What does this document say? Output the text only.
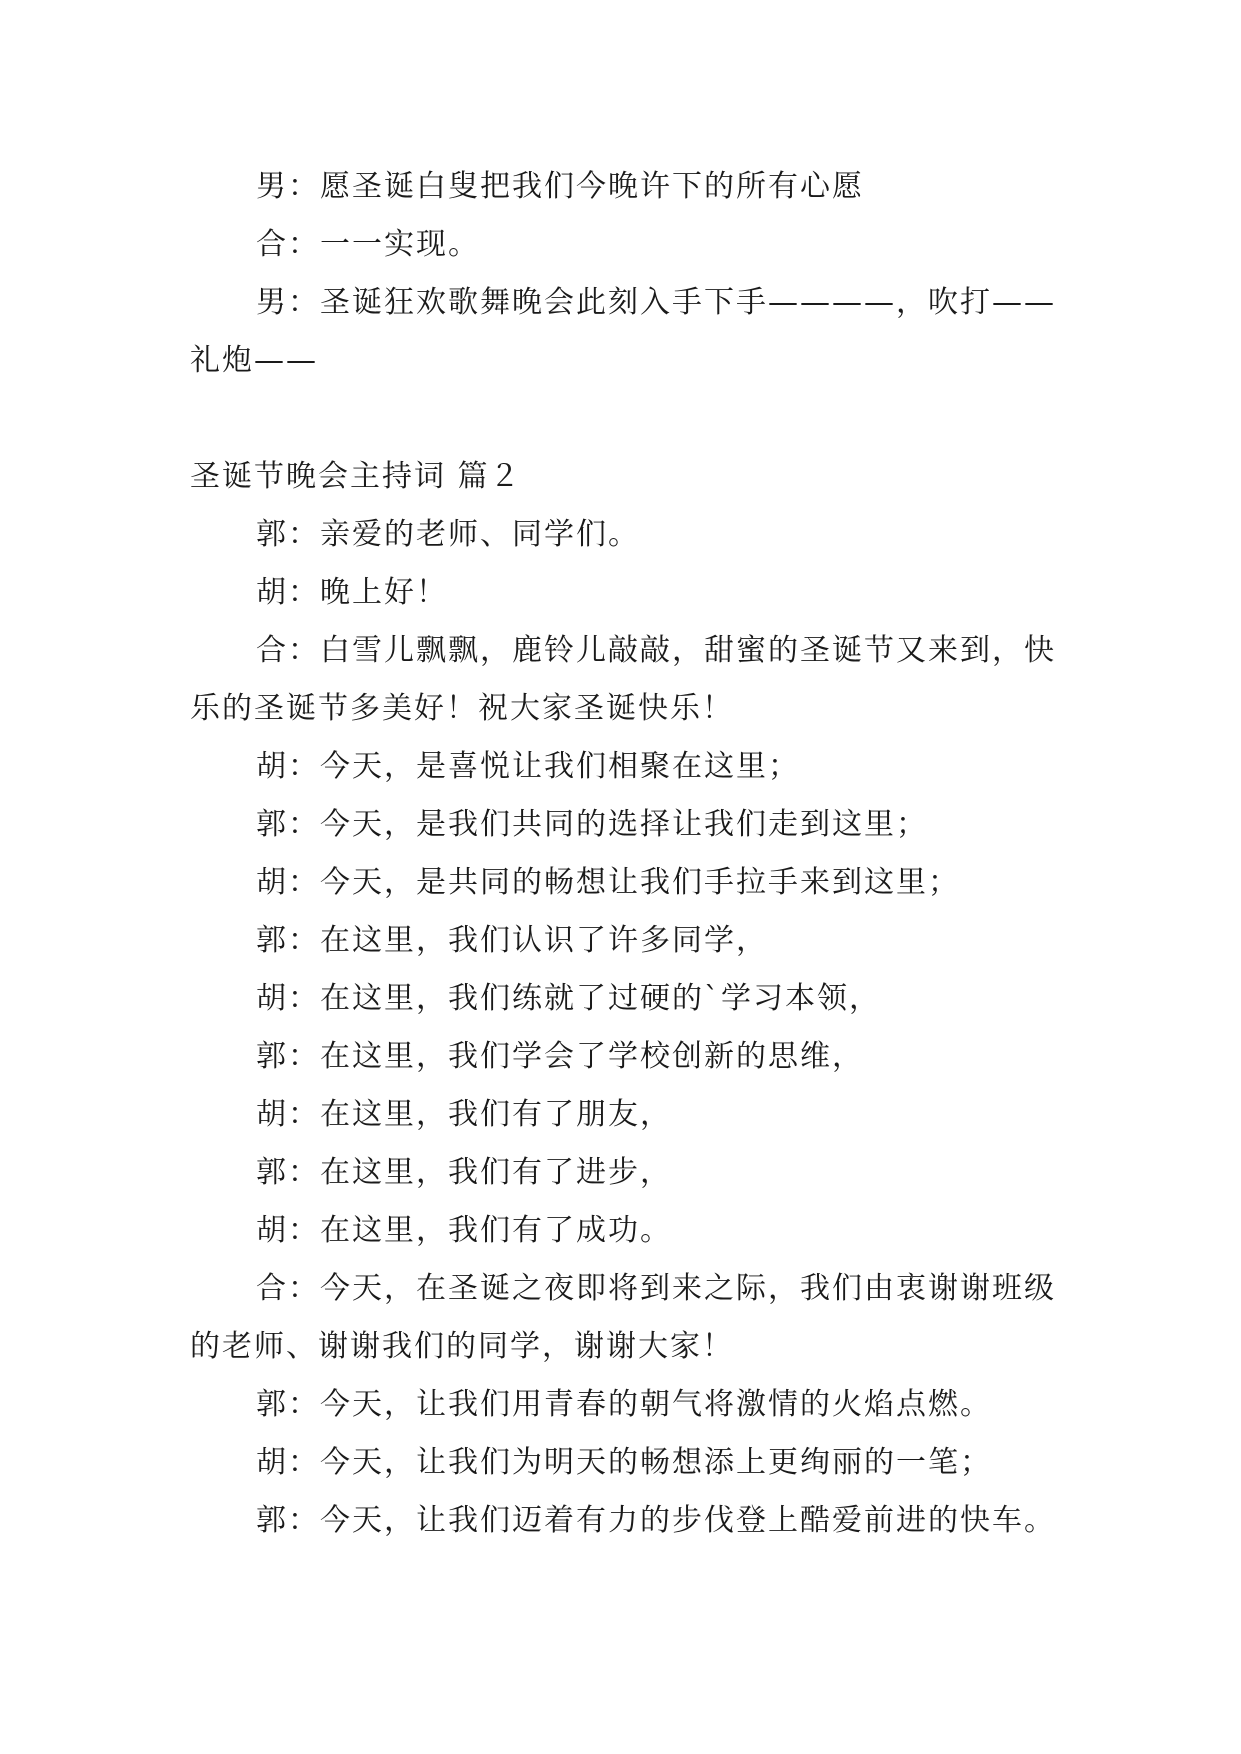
男：愿圣诞白叟把我们今晚许下的所有心愿

合：一一实现。

男：圣诞狂欢歌舞晚会此刻入手下手————，吹打——礼炮——

圣诞节晚会主持词 篇２

郭：亲爱的老师、同学们。

胡：晚上好！

合：白雪儿飘飘，鹿铃儿敲敲，甜蜜的圣诞节又来到，快乐的圣诞节多美好！祝大家圣诞快乐！

胡：今天，是喜悦让我们相聚在这里；

郭：今天，是我们共同的选择让我们走到这里；

胡：今天，是共同的畅想让我们手拉手来到这里；

郭：在这里，我们认识了许多同学，

胡：在这里，我们练就了过硬的`学习本领，

郭：在这里，我们学会了学校创新的思维，

胡：在这里，我们有了朋友，

郭：在这里，我们有了进步，

胡：在这里，我们有了成功。

合：今天，在圣诞之夜即将到来之际，我们由衷谢谢班级的老师、谢谢我们的同学，谢谢大家！

郭：今天，让我们用青春的朝气将激情的火焰点燃。

胡：今天，让我们为明天的畅想添上更绚丽的一笔；

郭：今天，让我们迈着有力的步伐登上酷爱前进的快车。
